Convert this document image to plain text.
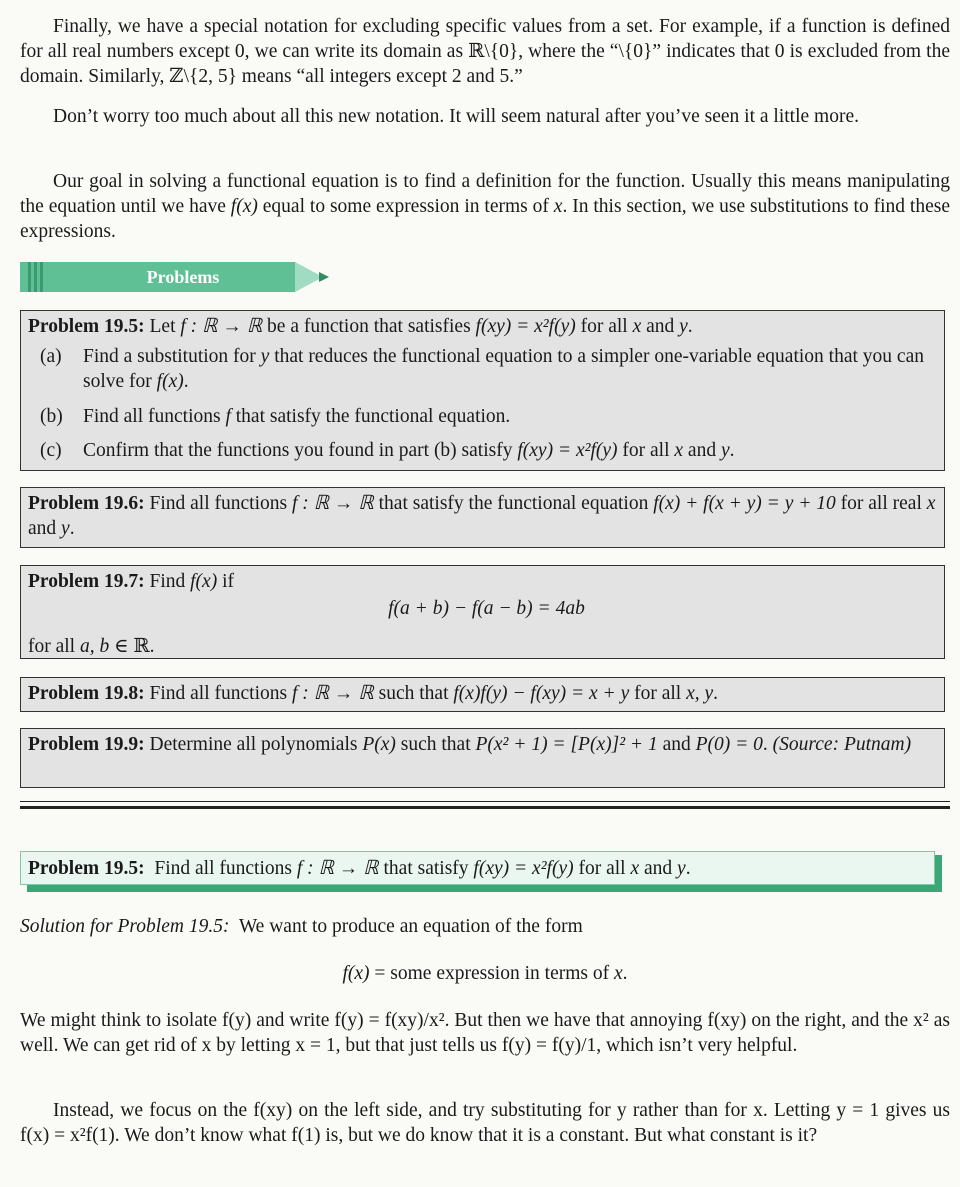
Finally, we have a special notation for excluding specific values from a set. For example, if a function is defined for all real numbers except 0, we can write its domain as ℝ\{0}, where the “\{0}” indicates that 0 is excluded from the domain. Similarly, ℤ\{2, 5} means “all integers except 2 and 5.”

Don’t worry too much about all this new notation. It will seem natural after you’ve seen it a little more.

Our goal in solving a functional equation is to find a definition for the function. Usually this means manipulating the equation until we have f(x) equal to some expression in terms of x. In this section, we use substitutions to find these expressions.

Problems
Problem 19.5: Let f : ℝ → ℝ be a function that satisfies f(xy) = x²f(y) for all x and y.
(a) Find a substitution for y that reduces the functional equation to a simpler one-variable equation that you can solve for f(x).
(b) Find all functions f that satisfy the functional equation.
(c) Confirm that the functions you found in part (b) satisfy f(xy) = x²f(y) for all x and y.
Problem 19.6: Find all functions f : ℝ → ℝ that satisfy the functional equation f(x) + f(x + y) = y + 10 for all real x and y.
Problem 19.7: Find f(x) if
f(a + b) − f(a − b) = 4ab
for all a, b ∈ ℝ.
Problem 19.8: Find all functions f : ℝ → ℝ such that f(x)f(y) − f(xy) = x + y for all x, y.
Problem 19.9: Determine all polynomials P(x) such that P(x² + 1) = [P(x)]² + 1 and P(0) = 0. (Source: Putnam)
Problem 19.5:  Find all functions f : ℝ → ℝ that satisfy f(xy) = x²f(y) for all x and y.

Solution for Problem 19.5:  We want to produce an equation of the form

f(x) = some expression in terms of x.

We might think to isolate f(y) and write f(y) = f(xy)/x². But then we have that annoying f(xy) on the right, and the x² as well. We can get rid of x by letting x = 1, but that just tells us f(y) = f(y)/1, which isn’t very helpful.

Instead, we focus on the f(xy) on the left side, and try substituting for y rather than for x. Letting y = 1 gives us f(x) = x²f(1). We don’t know what f(1) is, but we do know that it is a constant. But what constant is it?
